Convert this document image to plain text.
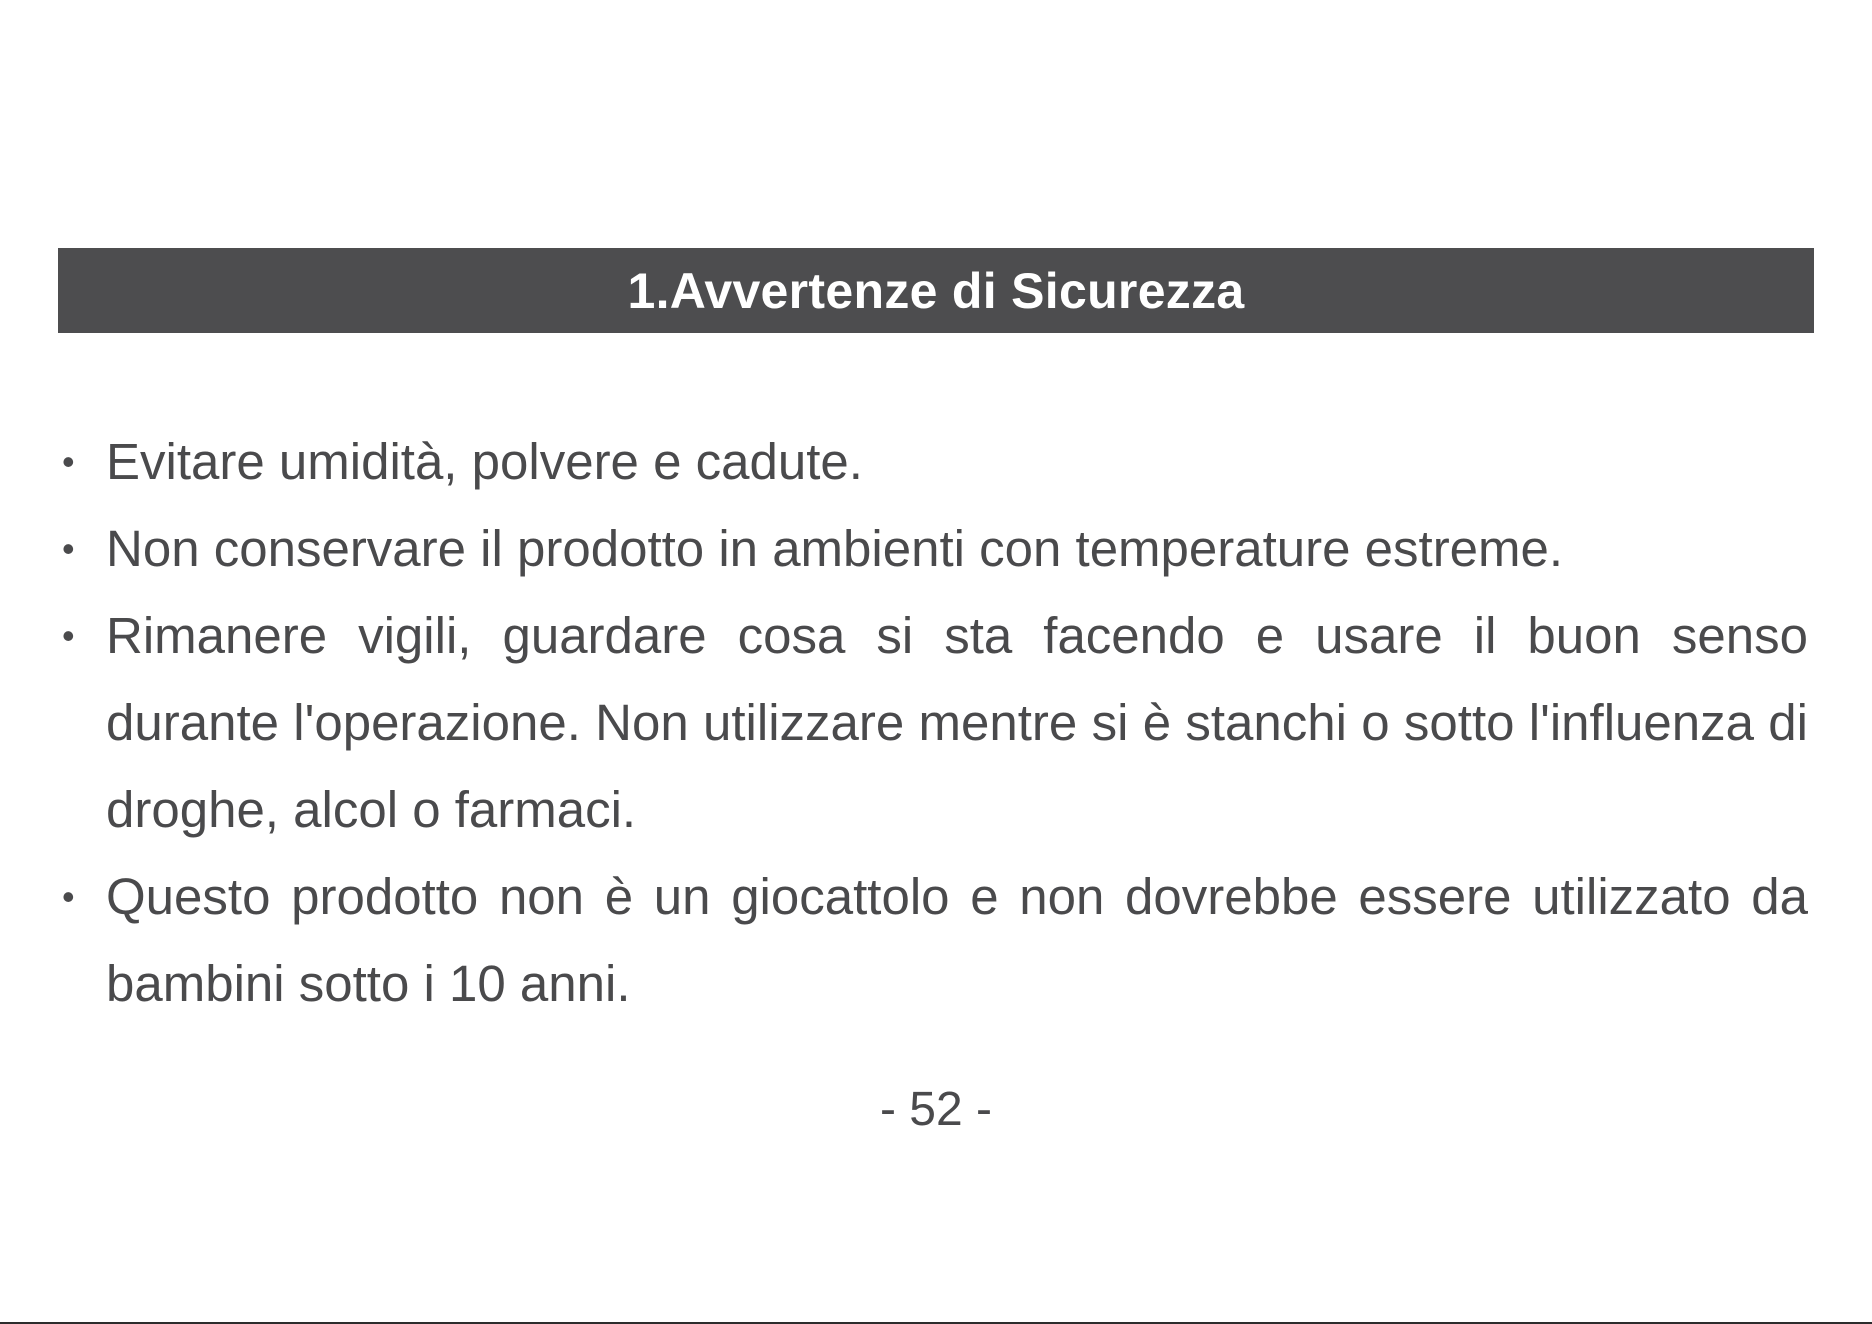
1.Avvertenze di Sicurezza
• Evitare umidità, polvere e cadute.
• Non conservare il prodotto in ambienti con temperature estreme.
• Rimanere vigili, guardare cosa si sta facendo e usare il buon senso durante l'operazione. Non utilizzare mentre si è stanchi o sotto l'influenza di droghe, alcol o farmaci.
• Questo prodotto non è un giocattolo e non dovrebbe essere utilizzato da bambini sotto i 10 anni.
- 52 -
